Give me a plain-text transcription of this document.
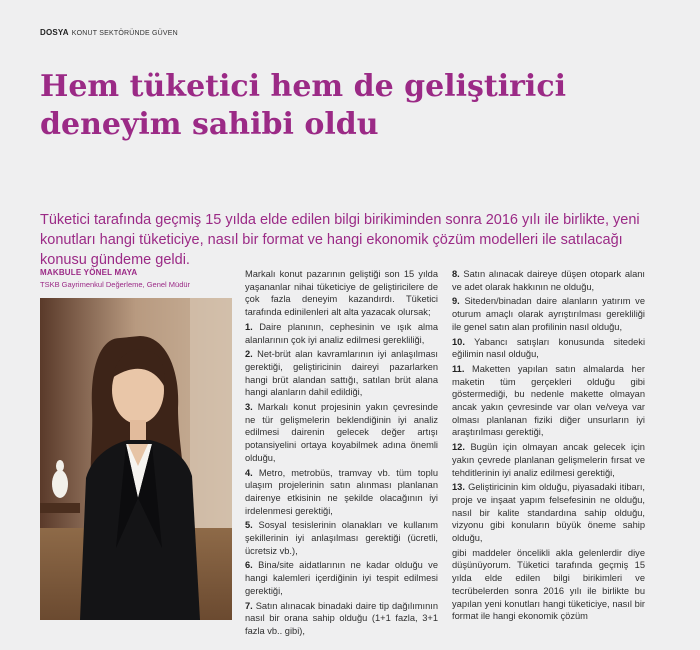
DOSYA KONUT SEKTÖRÜNDE GÜVEN
Hem tüketici hem de geliştirici deneyim sahibi oldu

Tüketici tarafında geçmiş 15 yılda elde edilen bilgi birikiminden sonra 2016 yılı ile birlikte, yeni konutları hangi tüketiciye, nasıl bir format ve hangi ekonomik çözüm modelleri ile satılacağı konusu gündeme geldi.

MAKBULE YÖNEL MAYA
TSKB Gayrimenkul Değerleme, Genel Müdür

Markalı konut pazarının geliştiği son 15 yılda yaşananlar nihai tüketiciye de geliştiricilere de çok fazla deneyim kazandırdı. Tüketici tarafında edinilenleri alt alta yazacak olursak;

1. Daire planının, cephesinin ve ışık alma alanlarının çok iyi analiz edilmesi gerekliliği,

2. Net-brüt alan kavramlarının iyi anlaşılması gerektiği, geliştiricinin daireyi pazarlarken hangi brüt alandan sattığı, satılan brüt alana hangi alanların dahil edildiği,

3. Markalı konut projesinin yakın çevresinde ne tür gelişmelerin beklendiğinin iyi analiz edilmesi dairenin gelecek değer artışı potansiyelini ortaya koyabilmek adına önemli olduğu,

4. Metro, metrobüs, tramvay vb. tüm toplu ulaşım projelerinin satın alınması planlanan dairenye etkisinin ne şekilde olacağının iyi irdelenmesi gerektiği,

5. Sosyal tesislerinin olanakları ve kullanım şekillerinin iyi anlaşılması gerektiği (ücretli, ücretsiz vb.),

6. Bina/site aidatlarının ne kadar olduğu ve hangi kalemleri içerdiğinin iyi tespit edilmesi gerektiği,

7. Satın alınacak binadaki daire tip dağılımının nasıl bir orana sahip olduğu (1+1 fazla, 3+1 fazla vb.. gibi),

8. Satın alınacak daireye düşen otopark alanı ve adet olarak hakkının ne olduğu,

9. Siteden/binadan daire alanların yatırım ve oturum amaçlı olarak ayrıştırılması gerekliliği ile genel satın alan profilinin nasıl olduğu,

10. Yabancı satışları konusunda sitedeki eğilimin nasıl olduğu,

11. Maketten yapılan satın almalarda her maketin tüm gerçekleri olduğu gibi göstermediği, bu nedenle makette olmayan ancak yakın çevresinde var olan ve/veya var olması planlanan fiziki diğer unsurların iyi araştırılması gerektiği,

12. Bugün için olmayan ancak gelecek için yakın çevrede planlanan gelişmelerin fırsat ve tehditlerinin iyi analiz edilmesi gerektiği,

13. Geliştiricinin kim olduğu, piyasadaki itibarı, proje ve inşaat yapım felsefesinin ne olduğu, nasıl bir kalite standardına sahip olduğu, vizyonu gibi konuların büyük öneme sahip olduğu,

gibi maddeler öncelikli akla gelenlerdir diye düşünüyorum. Tüketici tarafında geçmiş 15 yılda elde edilen bilgi birikimleri ve tecrübelerden sonra 2016 yılı ile birlikte bu yapılan yeni konutları hangi tüketiciye, nasıl bir format ile hangi ekonomik çözüm
